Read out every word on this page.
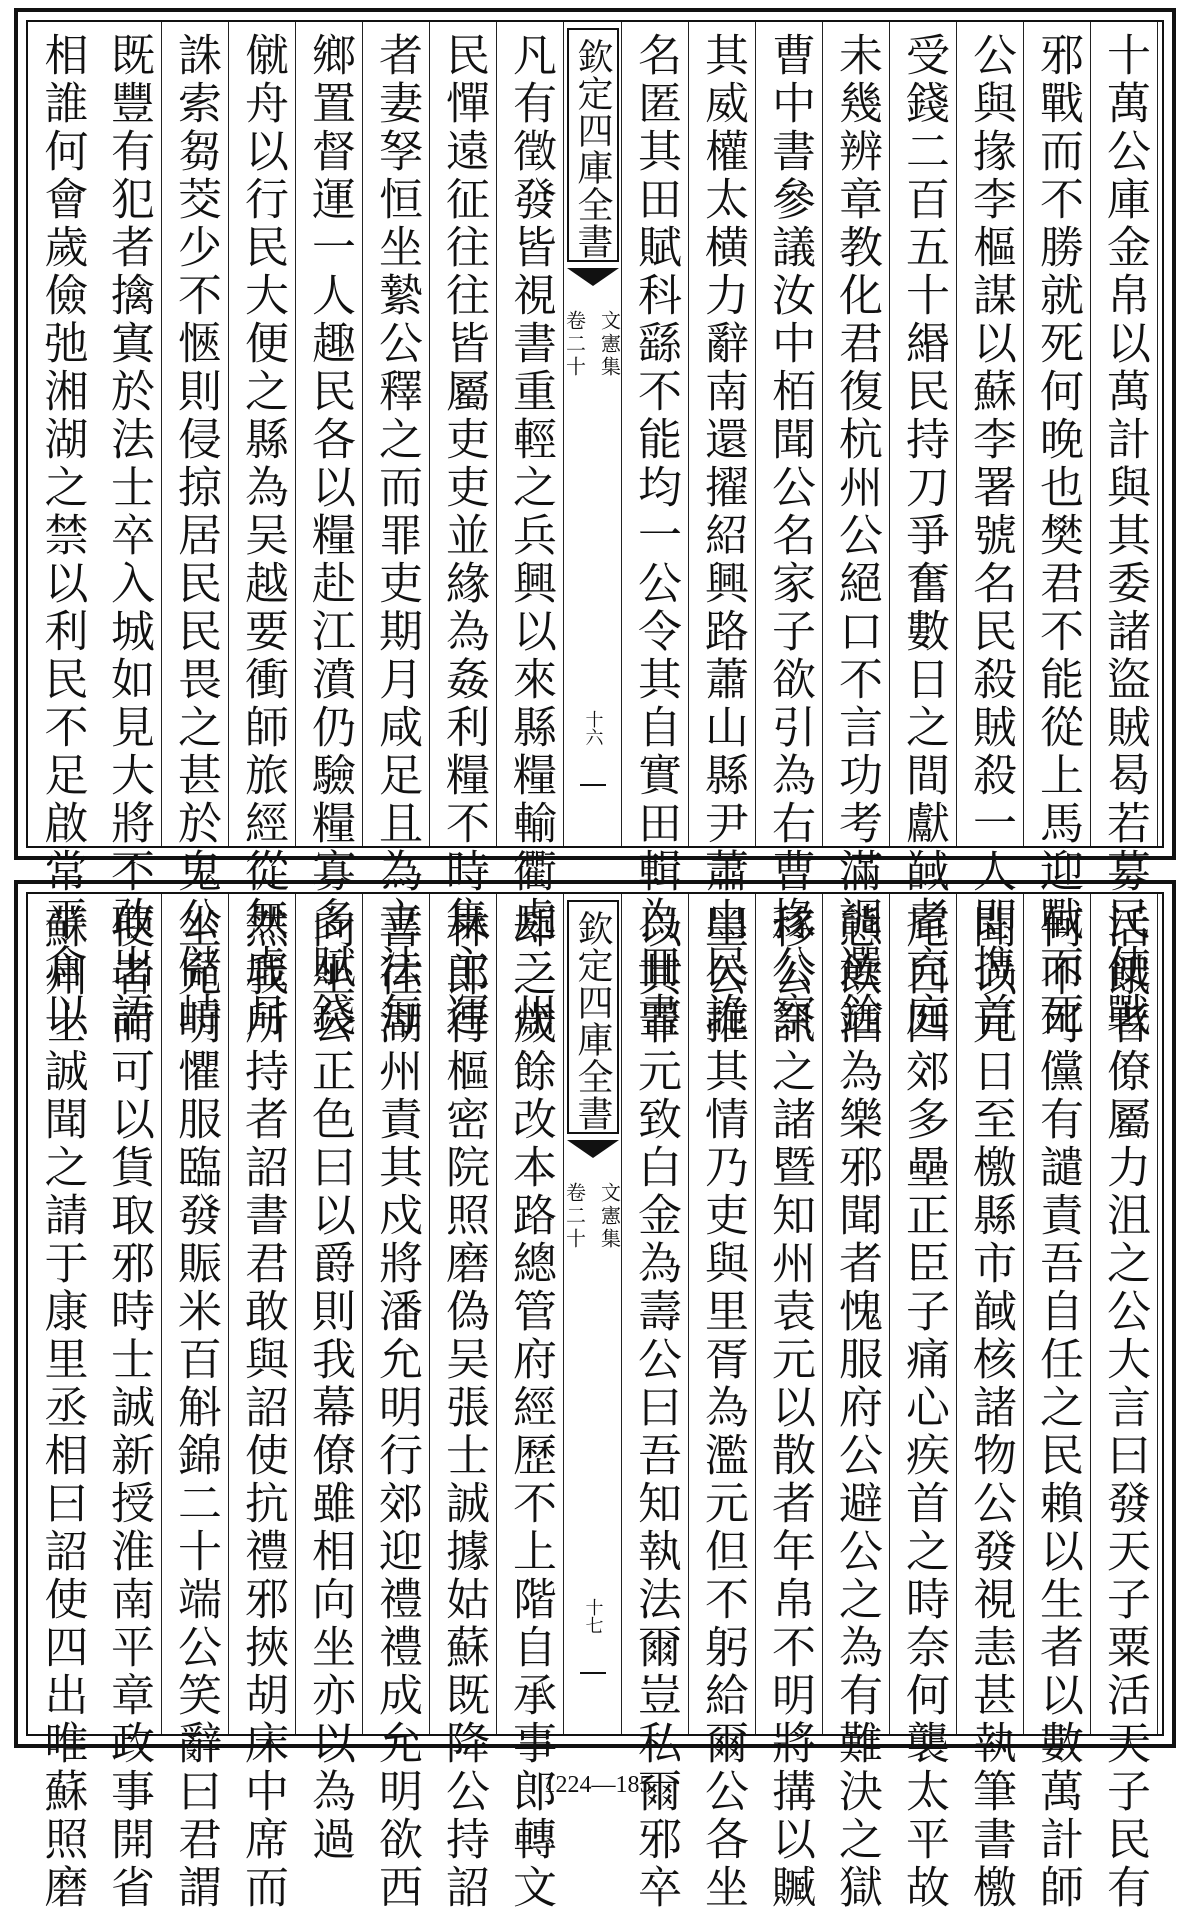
十萬公庫金帛以萬計與其委諸盜賊曷若募民使戰
邪戰而不勝就死何晚也樊君不能從上馬迎戰而死
公與掾李樞謀以蘇李署號名民殺賊殺一人即擕首
受錢二百五十緡民持刀爭奮數日之間獻馘者充庭
未幾辨章教化君復杭州公絕口不言功考滿調選銓
曹中書參議汝中栢聞公名家子欲引為右曹掾公察
其威權太横力辭南還擢紹興路蕭山縣尹蕭山民詭
名匿其田賦科繇不能均一公令其自實田輯為冊書
欽定四庫全書
文憲集
卷二十
十六
凡有徵發皆視書重輕之兵興以來縣糧輸衢處二州
民憚遠征往往皆屬吏吏並緣為姦利糧不時集主運
者妻孥恒坐縶公釋之而罪吏期月咸足且為立法每
鄉置督運一人趣民各以糧赴江濆仍驗糧寡多賦錢
僦舟以行民大便之縣為吴越要衝師旅經從無虛月
誅索芻茭少不愜則侵掠居民民畏之甚於鬼公儲峙
既豐有犯者擒寘於法士卒入城如見大將不敢出語
相誰何會歲儉弛湘湖之禁以利民不足啟常平倉以
活餓者僚屬力沮之公大言曰發天子粟活天子民有
何不可儻有譴責吾自任之民賴以生者以數萬計師
聞以元日至檄縣市馘核諸物公發視恚甚執筆書檄
尾曰四郊多壘正臣子痛心疾首之時奈何襲太平故
態飲酒為樂邪聞者愧服府公避公之為有難決之獄
移公訊之諸暨知州袁元以散者年帛不明將搆以贓
墨公推其情乃吏與里胥為濫元但不躬給爾公各坐
以其罪元致白金為壽公曰吾知執法爾豈私爾邪卒
欽定四庫全書
文憲集
卷二十
十七
却之歲餘改本路總管府經歷不上階自承事郎轉文
林郎行樞密院照磨偽吴張士誠據姑蘇既降公持詔
書往湖州責其戍將潘允明行郊迎禮禮成允明欲西
向坐公正色曰以爵則我幕僚雖相向坐亦以為過
然我所持者詔書君敢與詔使抗禮邪挾胡床中席而
坐允明懼服臨發賑米百斛錦二十端公笑辭曰君謂
使者而可以貨取邪時士誠新授淮南平章政事開省
蘇州士誠聞之請于康里丞相曰詔使四出唯蘇照磨	1224—185
